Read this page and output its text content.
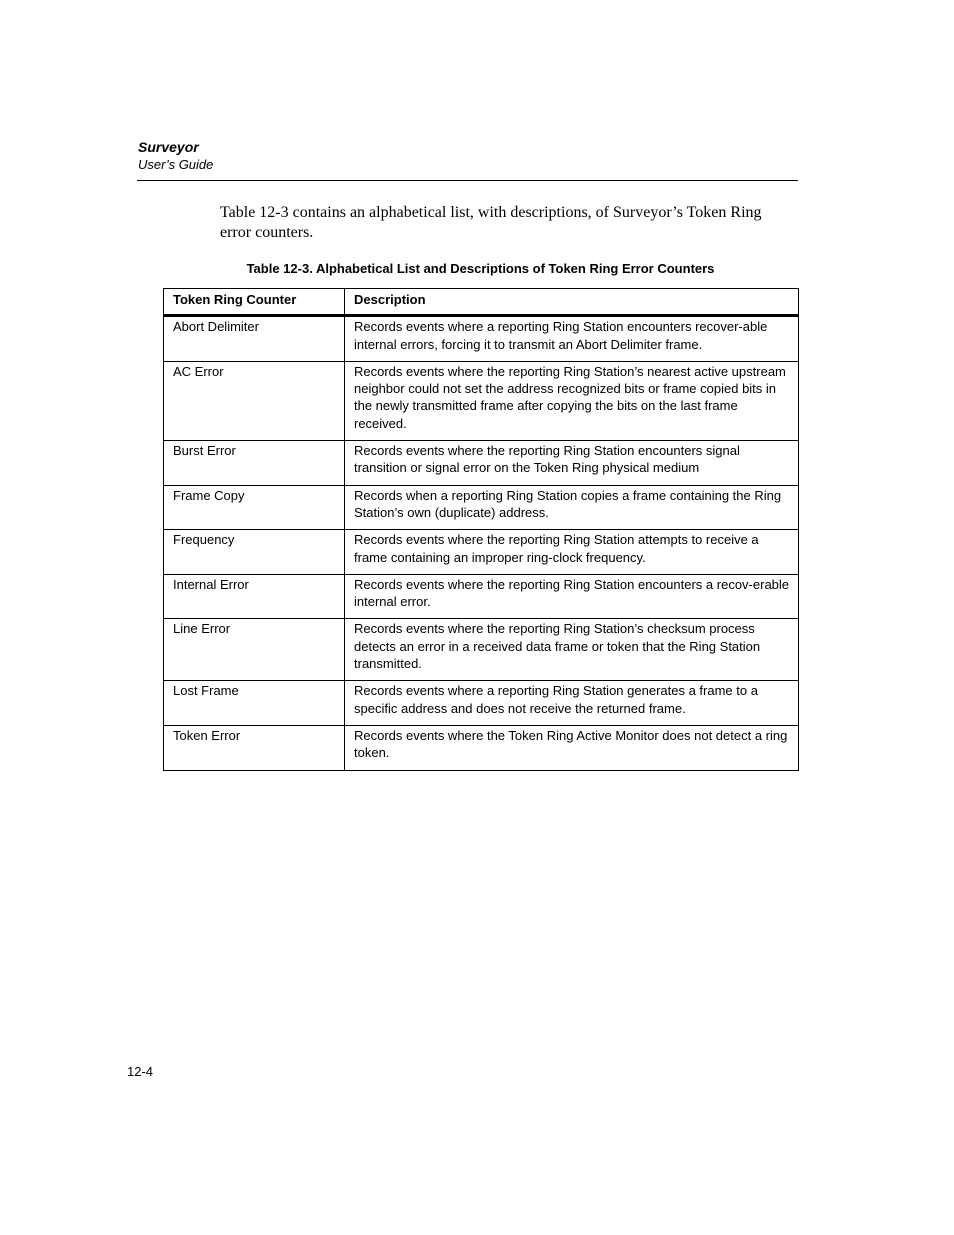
Surveyor
User’s Guide

Table 12-3 contains an alphabetical list, with descriptions, of Surveyor’s Token Ring error counters.

Table 12-3. Alphabetical List and Descriptions of Token Ring Error Counters
Token Ring Counter	Description
Abort Delimiter	Records events where a reporting Ring Station encounters recover-able internal errors, forcing it to transmit an Abort Delimiter frame.
AC Error	Records events where the reporting Ring Station’s nearest active upstream neighbor could not set the address recognized bits or frame copied bits in the newly transmitted frame after copying the bits on the last frame received.
Burst Error	Records events where the reporting Ring Station encounters signal transition or signal error on the Token Ring physical medium
Frame Copy	Records when a reporting Ring Station copies a frame containing the Ring Station’s own (duplicate) address.
Frequency	Records events where the reporting Ring Station attempts to receive a frame containing an improper ring-clock frequency.
Internal Error	Records events where the reporting Ring Station encounters a recov-erable internal error.
Line Error	Records events where the reporting Ring Station’s checksum process detects an error in a received data frame or token that the Ring Station transmitted.
Lost Frame	Records events where a reporting Ring Station generates a frame to a specific address and does not receive the returned frame.
Token Error	Records events where the Token Ring Active Monitor does not detect a ring token.
12-4
